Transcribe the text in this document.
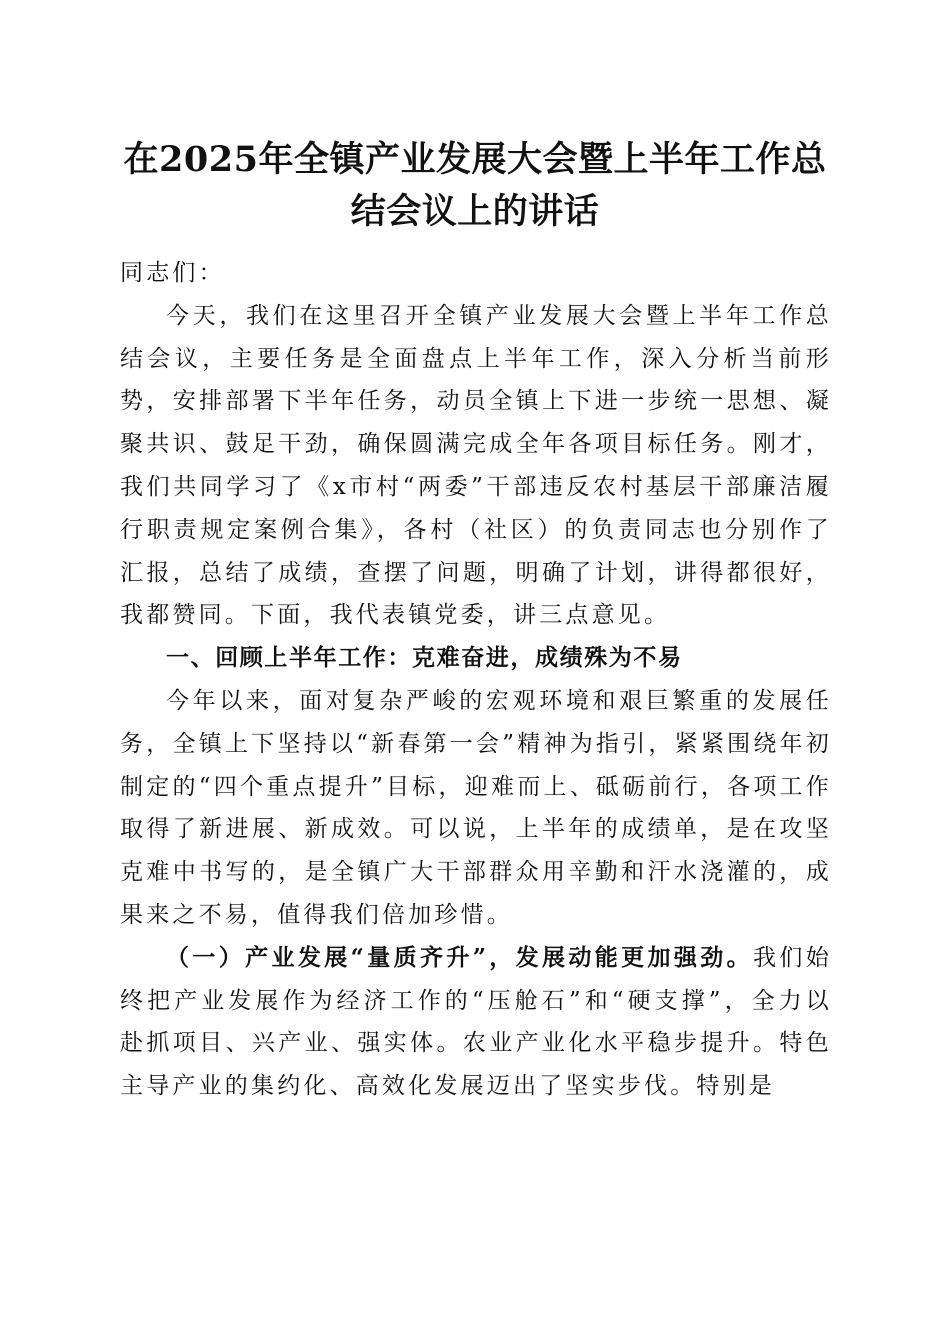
在2025年全镇产业发展大会暨上半年工作总
结会议上的讲话

同志们：

今天，我们在这里召开全镇产业发展大会暨上半年工作总结会议，主要任务是全面盘点上半年工作，深入分析当前形势，安排部署下半年任务，动员全镇上下进一步统一思想、凝聚共识、鼓足干劲，确保圆满完成全年各项目标任务。刚才，我们共同学习了《x市村“两委”干部违反农村基层干部廉洁履行职责规定案例合集》，各村（社区）的负责同志也分别作了汇报，总结了成绩，查摆了问题，明确了计划，讲得都很好，我都赞同。下面，我代表镇党委，讲三点意见。

一、回顾上半年工作：克难奋进，成绩殊为不易

今年以来，面对复杂严峻的宏观环境和艰巨繁重的发展任务，全镇上下坚持以“新春第一会”精神为指引，紧紧围绕年初制定的“四个重点提升”目标，迎难而上、砥砺前行，各项工作取得了新进展、新成效。可以说，上半年的成绩单，是在攻坚克难中书写的，是全镇广大干部群众用辛勤和汗水浇灌的，成果来之不易，值得我们倍加珍惜。

（一）产业发展“量质齐升”，发展动能更加强劲。我们始终把产业发展作为经济工作的“压舱石”和“硬支撑”，全力以赴抓项目、兴产业、强实体。农业产业化水平稳步提升。特色主导产业的集约化、高效化发展迈出了坚实步伐。特别是
